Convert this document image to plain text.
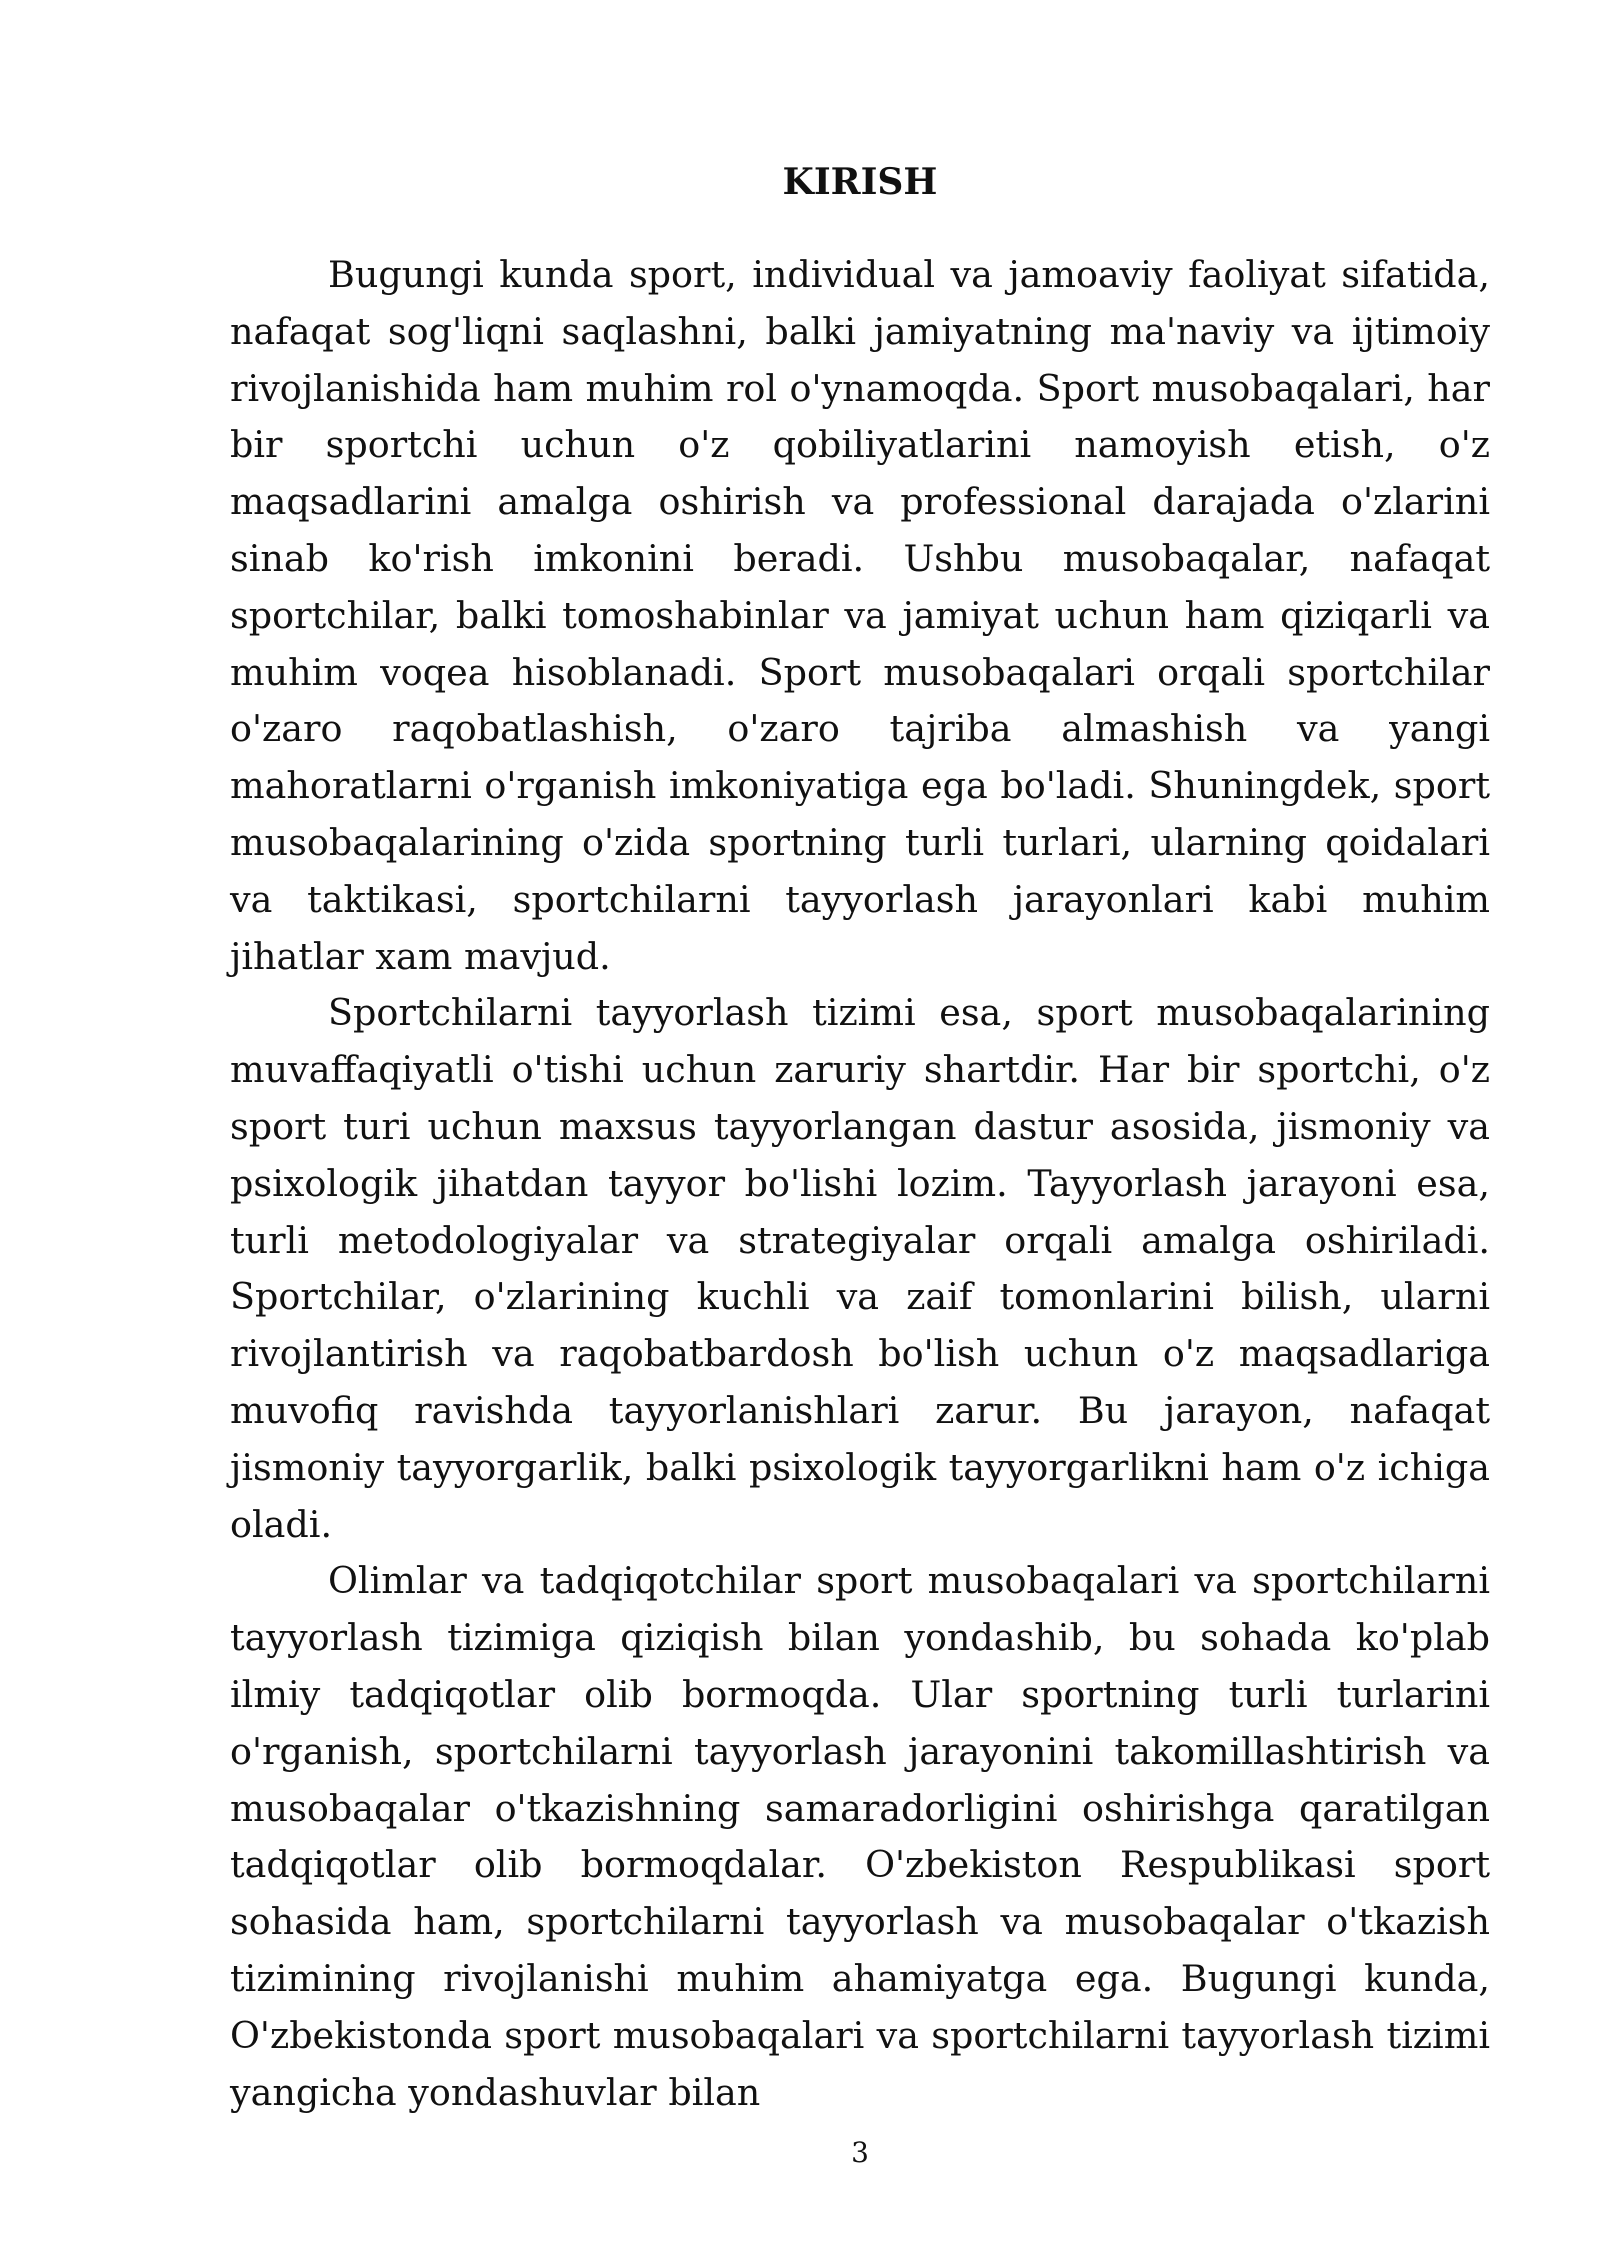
KIRISH

Bugungi kunda sport, individual va jamoaviy faoliyat sifatida, nafaqat sog'liqni saqlashni, balki jamiyatning ma'naviy va ijtimoiy rivojlanishida ham muhim rol o'ynamoqda. Sport musobaqalari, har bir sportchi uchun o'z qobiliyatlarini namoyish etish, o'z maqsadlarini amalga oshirish va professional darajada o'zlarini sinab ko'rish imkonini beradi. Ushbu musobaqalar, nafaqat sportchilar, balki tomoshabinlar va jamiyat uchun ham qiziqarli va muhim voqea hisoblanadi. Sport musobaqalari orqali sportchilar o'zaro raqobatlashish, o'zaro tajriba almashish va yangi mahoratlarni o'rganish imkoniyatiga ega bo'ladi. Shuningdek, sport musobaqalarining o'zida sportning turli turlari, ularning qoidalari va taktikasi, sportchilarni tayyorlash jarayonlari kabi muhim jihatlar xam mavjud.

Sportchilarni tayyorlash tizimi esa, sport musobaqalarining muvaffaqiyatli o'tishi uchun zaruriy shartdir. Har bir sportchi, o'z sport turi uchun maxsus tayyorlangan dastur asosida, jismoniy va psixologik jihatdan tayyor bo'lishi lozim. Tayyorlash jarayoni esa, turli metodologiyalar va strategiyalar orqali amalga oshiriladi. Sportchilar, o'zlarining kuchli va zaif tomonlarini bilish, ularni rivojlantirish va raqobatbardosh bo'lish uchun o'z maqsadlariga muvofiq ravishda tayyorlanishlari zarur. Bu jarayon, nafaqat jismoniy tayyorgarlik, balki psixologik tayyorgarlikni ham o'z ichiga oladi.

Olimlar va tadqiqotchilar sport musobaqalari va sportchilarni tayyorlash tizimiga qiziqish bilan yondashib, bu sohada ko'plab ilmiy tadqiqotlar olib bormoqda. Ular sportning turli turlarini o'rganish, sportchilarni tayyorlash jarayonini takomillashtirish va musobaqalar o'tkazishning samaradorligini oshirishga qaratilgan tadqiqotlar olib bormoqdalar. O'zbekiston Respublikasi sport sohasida ham, sportchilarni tayyorlash va musobaqalar o'tkazish tizimining rivojlanishi muhim ahamiyatga ega. Bugungi kunda, O'zbekistonda sport musobaqalari va sportchilarni tayyorlash tizimi yangicha yondashuvlar bilan

3
